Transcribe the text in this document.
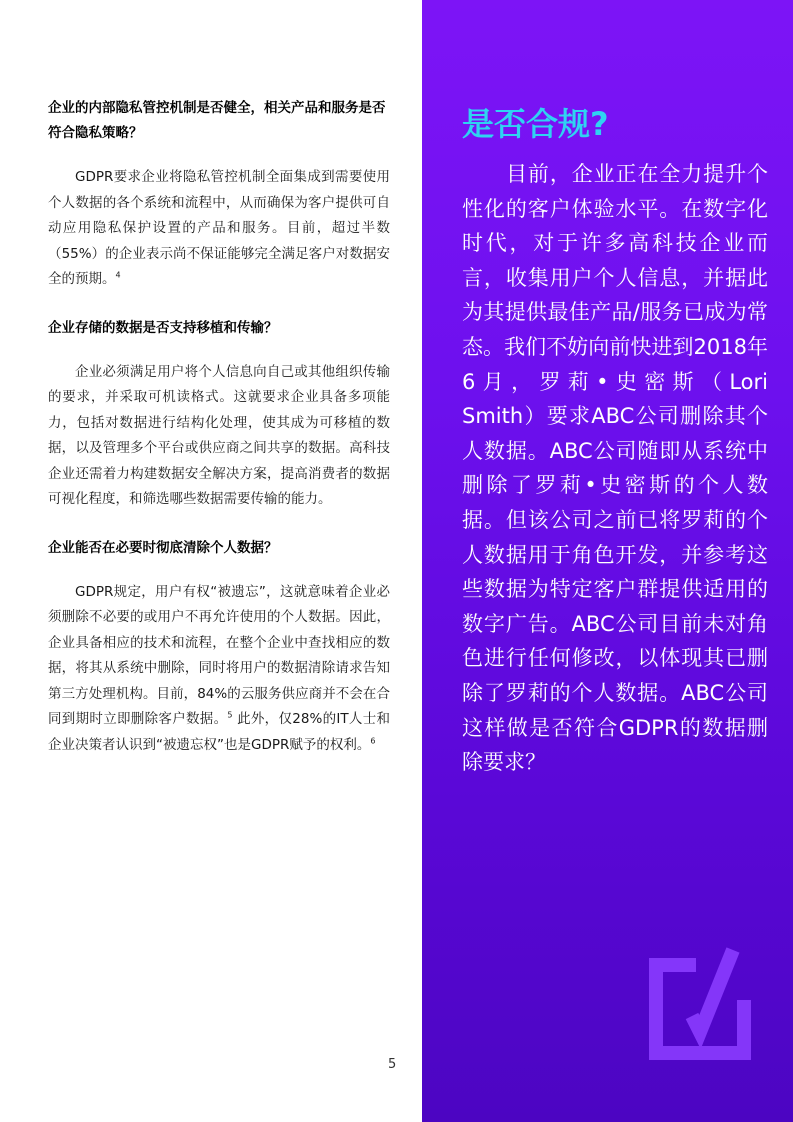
企业的内部隐私管控机制是否健全，相关产品和服务是否符合隐私策略？

GDPR要求企业将隐私管控机制全面集成到需要使用个人数据的各个系统和流程中，从而确保为客户提供可自动应用隐私保护设置的产品和服务。目前，超过半数（55%）的企业表示尚不保证能够完全满足客户对数据安全的预期。$^4$

企业存储的数据是否支持移植和传输？

企业必须满足用户将个人信息向自己或其他组织传输的要求，并采取可机读格式。这就要求企业具备多项能力，包括对数据进行结构化处理，使其成为可移植的数据，以及管理多个平台或供应商之间共享的数据。高科技企业还需着力构建数据安全解决方案，提高消费者的数据可视化程度，和筛选哪些数据需要传输的能力。

企业能否在必要时彻底清除个人数据？

GDPR规定，用户有权“被遗忘”，这就意味着企业必须删除不必要的或用户不再允许使用的个人数据。因此，企业具备相应的技术和流程，在整个企业中查找相应的数据，将其从系统中删除，同时将用户的数据清除请求告知第三方处理机构。目前，84%的云服务供应商并不会在合同到期时立即删除客户数据。$^5$ 此外，仅28%的IT人士和企业决策者认识到“被遗忘权”也是GDPR赋予的权利。$^6$

5
是否合规?

目前，企业正在全力提升个性化的客户体验水平。在数字化时代，对于许多高科技企业而言，收集用户个人信息，并据此为其提供最佳产品/服务已成为常态。我们不妨向前快进到2018年6月，罗莉•史密斯（Lori Smith）要求ABC公司删除其个人数据。ABC公司随即从系统中删除了罗莉•史密斯的个人数据。但该公司之前已将罗莉的个人数据用于角色开发，并参考这些数据为特定客户群提供适用的数字广告。ABC公司目前未对角色进行任何修改，以体现其已删除了罗莉的个人数据。ABC公司这样做是否符合GDPR的数据删除要求？
